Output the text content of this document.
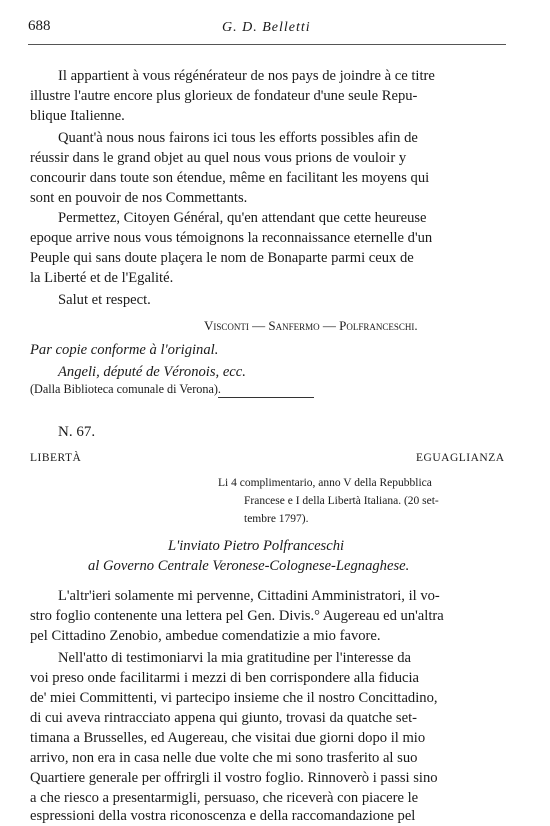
688	G. D. Belletti
Il appartient à vous régénérateur de nos pays de joindre à ce titre
illustre l'autre encore plus glorieux de fondateur d'une seule Repu-
blique Italienne.
Quant'à nous nous fairons ici tous les efforts possibles afin de
réussir dans le grand objet au quel nous vous prions de vouloir y
concourir dans toute son étendue, même en facilitant les moyens qui
sont en pouvoir de nos Commettants.
Permettez, Citoyen Général, qu'en attendant que cette heureuse
epoque arrive nous vous témoignons la reconnaissance eternelle d'un
Peuple qui sans doute plaçera le nom de Bonaparte parmi ceux de
la Liberté et de l'Egalité.
Salut et respect.
Visconti — Sanfermo — Polfranceschi.
Par copie conforme à l'original.
Angeli, député de Véronois, ecc.
(Dalla Biblioteca comunale di Verona).
N. 67.
LIBERTÀ	EGUAGLIANZA
Li 4 complimentario, anno V della Repubblica
Francese e I della Libertà Italiana. (20 set-
tembre 1797).
L'inviato Pietro Polfranceschi
al Governo Centrale Veronese-Colognese-Legnaghese.
L'altr'ieri solamente mi pervenne, Cittadini Amministratori, il vo-
stro foglio contenente una lettera pel Gen. Divis.° Augereau ed un'altra
pel Cittadino Zenobio, ambedue comendatizie a mio favore.
Nell'atto di testimoniarvi la mia gratitudine per l'interesse da
voi preso onde facilitarmi i mezzi di ben corrispondere alla fiducia
de' miei Committenti, vi partecipo insieme che il nostro Concittadino,
di cui aveva rintracciato appena qui giunto, trovasi da quatche set-
timana a Brusselles, ed Augereau, che visitai due giorni dopo il mio
arrivo, non era in casa nelle due volte che mi sono trasferito al suo
Quartiere generale per offrirgli il vostro foglio. Rinnoverò i passi sino
a che riesco a presentarmigli, persuaso, che riceverà con piacere le
espressioni della vostra riconoscenza e della raccomandazione pel
